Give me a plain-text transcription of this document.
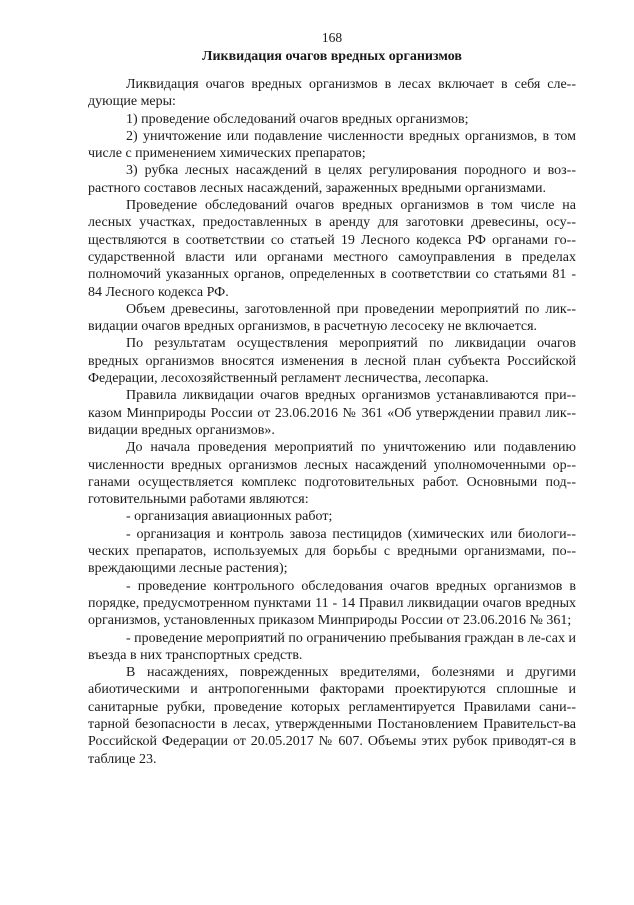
168
Ликвидация очагов вредных организмов

Ликвидация очагов вредных организмов в лесах включает в себя сле-дующие меры:

1) проведение обследований очагов вредных организмов;

2) уничтожение или подавление численности вредных организмов, в том числе с применением химических препаратов;

3) рубка лесных насаждений в целях регулирования породного и воз-растного составов лесных насаждений, зараженных вредными организмами.

Проведение обследований очагов вредных организмов в том числе на лесных участках, предоставленных в аренду для заготовки древесины, осу-ществляются в соответствии со статьей 19 Лесного кодекса РФ органами го-сударственной власти или органами местного самоуправления в пределах полномочий указанных органов, определенных в соответствии со статьями 81 - 84 Лесного кодекса РФ.

Объем древесины, заготовленной при проведении мероприятий по лик-видации очагов вредных организмов, в расчетную лесосеку не включается.

По результатам осуществления мероприятий по ликвидации очагов вредных организмов вносятся изменения в лесной план субъекта Российской Федерации, лесохозяйственный регламент лесничества, лесопарка.

Правила ликвидации очагов вредных организмов устанавливаются при-казом Минприроды России от 23.06.2016 № 361 «Об утверждении правил лик-видации вредных организмов».

До начала проведения мероприятий по уничтожению или подавлению численности вредных организмов лесных насаждений уполномоченными ор-ганами осуществляется комплекс подготовительных работ. Основными под-готовительными работами являются:

- организация авиационных работ;

- организация и контроль завоза пестицидов (химических или биологи-ческих препаратов, используемых для борьбы с вредными организмами, по-вреждающими лесные растения);

- проведение контрольного обследования очагов вредных организмов в порядке, предусмотренном пунктами 11 - 14 Правил ликвидации очагов вредных организмов, установленных приказом Минприроды России от 23.06.2016 № 361;

- проведение мероприятий по ограничению пребывания граждан в ле-сах и въезда в них транспортных средств.

В насаждениях, поврежденных вредителями, болезнями и другими абиотическими и антропогенными факторами проектируются сплошные и санитарные рубки, проведение которых регламентируется Правилами сани-тарной безопасности в лесах, утвержденными Постановлением Правительст-ва Российской Федерации от 20.05.2017 № 607. Объемы этих рубок приводят-ся в таблице 23.
